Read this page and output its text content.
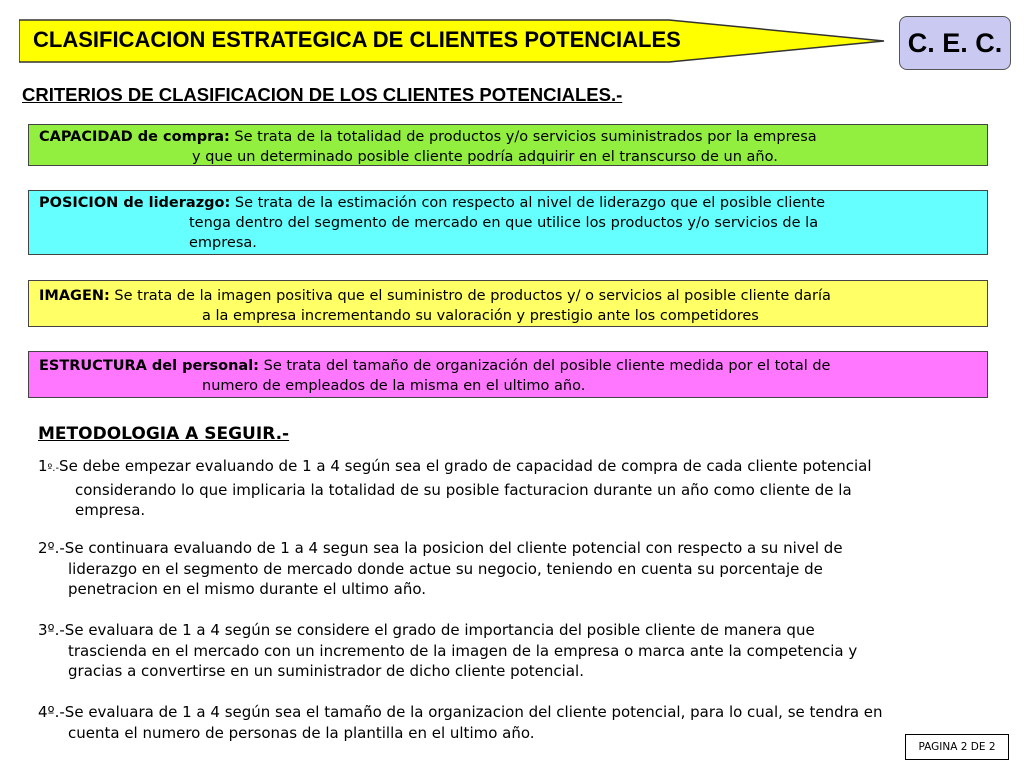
CLASIFICACION ESTRATEGICA DE CLIENTES POTENCIALES	C. E. C.
CRITERIOS DE CLASIFICACION DE LOS CLIENTES POTENCIALES.-
CAPACIDAD de compra: Se trata de la totalidad de productos y/o servicios suministrados por la empresa
y que un determinado posible cliente podría adquirir en el transcurso de un año.
POSICION de liderazgo: Se trata de la estimación con respecto al nivel de liderazgo que el posible cliente
tenga dentro del segmento de mercado en que utilice los productos y/o servicios de la
empresa.
IMAGEN: Se trata de la imagen positiva que el suministro de productos y/ o servicios al posible cliente daría
a la empresa incrementando su valoración y prestigio ante los competidores
ESTRUCTURA del personal: Se trata del tamaño de organización del posible cliente medida por el total de
numero de empleados de la misma en el ultimo año.
METODOLOGIA A SEGUIR.-
1º.-Se debe empezar evaluando de 1 a 4 según sea el grado de capacidad de compra de cada cliente potencial
considerando lo que implicaria la totalidad de su posible facturacion durante un año como cliente de la
empresa.
2º.-Se continuara evaluando de 1 a 4 segun sea la posicion del cliente potencial con respecto a su nivel de
liderazgo en el segmento de mercado donde actue su negocio, teniendo en cuenta su porcentaje de
penetracion en el mismo durante el ultimo año.
3º.-Se evaluara de 1 a 4 según se considere el grado de importancia del posible cliente de manera que
trascienda en el mercado con un incremento de la imagen de la empresa o marca ante la competencia y
gracias a convertirse en un suministrador de dicho cliente potencial.
4º.-Se evaluara de 1 a 4 según sea el tamaño de la organizacion del cliente potencial, para lo cual, se tendra en
cuenta el numero de personas de la plantilla en el ultimo año.
PAGINA 2 DE 2
